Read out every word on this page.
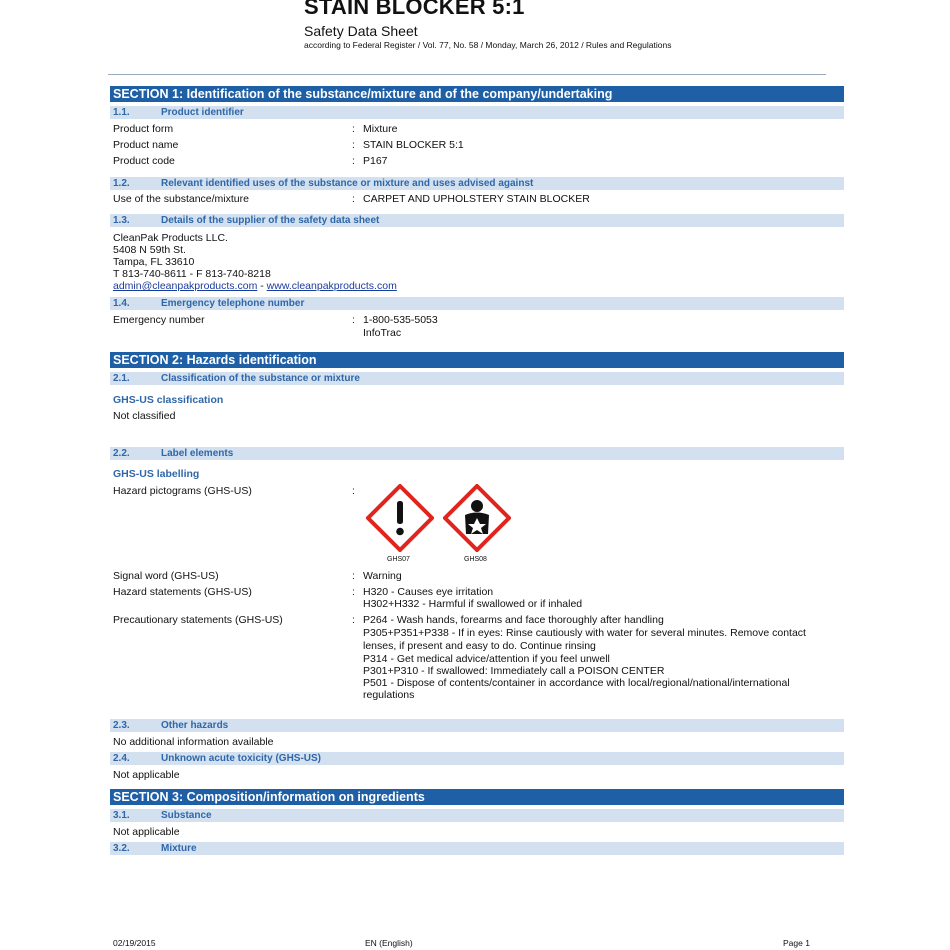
STAIN BLOCKER 5:1
Safety Data Sheet
according to Federal Register / Vol. 77, No. 58 / Monday, March 26, 2012 / Rules and Regulations
SECTION 1: Identification of the substance/mixture and of the company/undertaking
1.1.	Product identifier
Product form	: Mixture
Product name	: STAIN BLOCKER 5:1
Product code	: P167
1.2.	Relevant identified uses of the substance or mixture and uses advised against
Use of the substance/mixture	: CARPET AND UPHOLSTERY STAIN BLOCKER
1.3.	Details of the supplier of the safety data sheet
CleanPak Products LLC.
5408 N 59th St.
Tampa, FL 33610
T 813-740-8611 - F 813-740-8218
admin@cleanpakproducts.com - www.cleanpakproducts.com
1.4.	Emergency telephone number
Emergency number	: 1-800-535-5053
InfoTrac
SECTION 2: Hazards identification
2.1.	Classification of the substance or mixture
GHS-US classification
Not classified
2.2.	Label elements
GHS-US labelling
Hazard pictograms (GHS-US)	:
GHS07	GHS08
Signal word (GHS-US)	: Warning
Hazard statements (GHS-US)	: H320 - Causes eye irritation
H302+H332 - Harmful if swallowed or if inhaled
Precautionary statements (GHS-US)	: P264 - Wash hands, forearms and face thoroughly after handling
P305+P351+P338 - If in eyes: Rinse cautiously with water for several minutes. Remove contact
lenses, if present and easy to do. Continue rinsing
P314 - Get medical advice/attention if you feel unwell
P301+P310 - If swallowed: Immediately call a POISON CENTER
P501 - Dispose of contents/container in accordance with local/regional/national/international
regulations
2.3.	Other hazards
No additional information available
2.4.	Unknown acute toxicity (GHS-US)
Not applicable
SECTION 3: Composition/information on ingredients
3.1.	Substance
Not applicable
3.2.	Mixture
02/19/2015	EN (English)	Page 1
